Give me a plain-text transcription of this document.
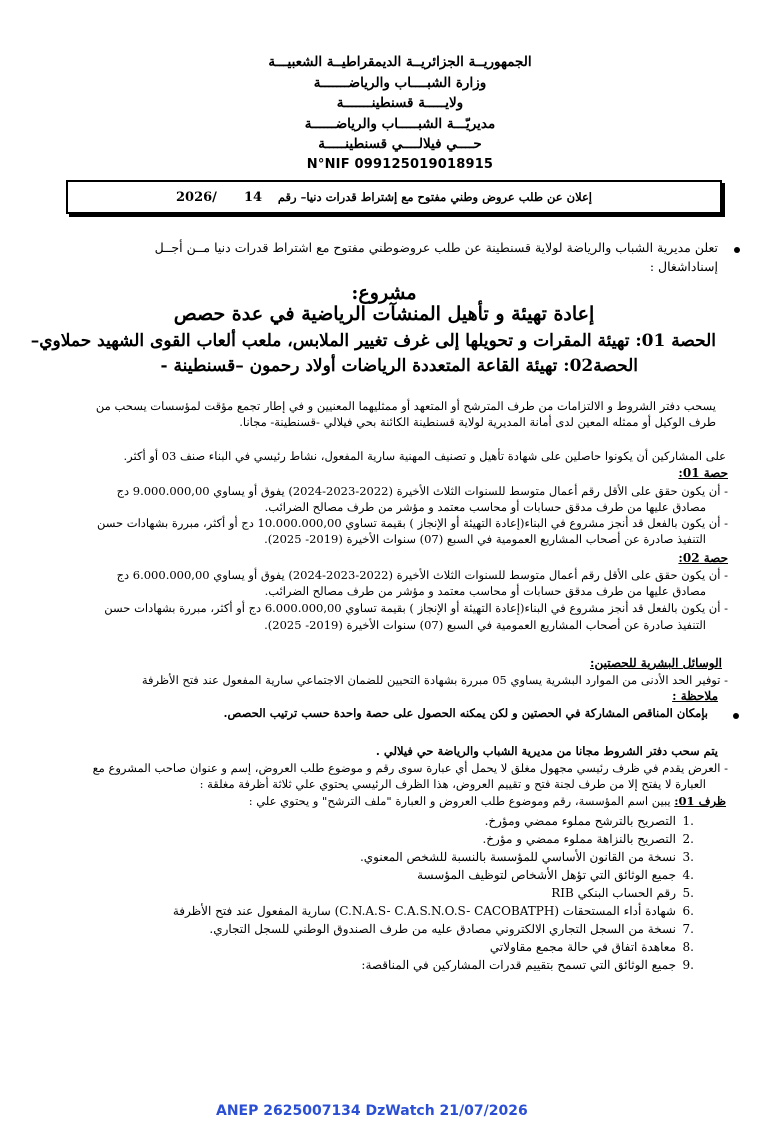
الجمهوريــة الجزائريــة الديمقراطيــة الشعبيـــة
وزارة الشبــــاب والرياضـــــــة
ولايـــــة قسنطينـــــــة
مديريّـــة الشبـــــاب والرياضــــــة
حــــي فيلالــــي قسنطينـــــة
N°NIF 09912501901891​5
إعلان عن طلب عروض وطني مفتوح مع إشتراط قدرات دنيا– رقم
14
2026/
تعلن مديرية الشباب والرياضة لولاية قسنطينة عن طلب عروضوطني مفتوح مع اشتراط قدرات دنيا مــن أجــل
إسناداشغال :
مشروع:
إعادة تهيئة و تأهيل المنشآت الرياضية في عدة حصص
الحصة 01: تهيئة المقرات و تحويلها إلى غرف تغيير الملابس، ملعب ألعاب القوى الشهيد حملاوي–
الحصة02: تهيئة القاعة المتعددة الرياضات أولاد رحمون –قسنطينة -
يسحب دفتر الشروط و الالتزامات من طرف المترشح أو المتعهد أو ممثليهما المعنيين و في إطار تجمع مؤقت لمؤسسات يسحب من
طرف الوكيل أو ممثله المعين لدى أمانة المديرية لولاية قسنطينة الكائنة بحي فيلالي -قسنطينة- مجانا.
على المشاركين أن يكونوا حاصلين على شهادة تأهيل و تصنيف المهنية سارية المفعول، نشاط رئيسي في البناء صنف 03 أو أكثر.
حصة 01:
- أن يكون حقق على الأقل رقم أعمال متوسط للسنوات الثلاث الأخيرة (2022-2023-2024) يفوق أو يساوي 9.000.000,00 دج
مصادق عليها من طرف مدقق حسابات أو محاسب معتمد و مؤشر من طرف مصالح الضرائب.
- أن يكون بالفعل قد أنجز مشروع في البناء(إعادة التهيئة أو الإنجاز ) بقيمة تساوي 10.000.000,00 دج أو أكثر، مبررة بشهادات حسن
التنفيذ صادرة عن أصحاب المشاريع العمومية في السبع (07) سنوات الأخيرة (2019- 2025).
حصة 02:
- أن يكون حقق على الأقل رقم أعمال متوسط للسنوات الثلاث الأخيرة (2022-2023-2024) يفوق أو يساوي 6.000.000,00 دج
مصادق عليها من طرف مدقق حسابات أو محاسب معتمد و مؤشر من طرف مصالح الضرائب.
- أن يكون بالفعل قد أنجز مشروع في البناء(إعادة التهيئة أو الإنجاز ) بقيمة تساوي 6.000.000,00 دج أو أكثر، مبررة بشهادات حسن
التنفيذ صادرة عن أصحاب المشاريع العمومية في السبع (07) سنوات الأخيرة (2019- 2025).
الوسائل البشرية للحصتين:
- توفير الحد الأدنى من الموارد البشرية يساوي 05 مبررة بشهادة التحيين للضمان الاجتماعي سارية المفعول عند فتح الأظرفة
ملاحظة :
بإمكان المناقص المشاركة في الحصتين و لكن يمكنه الحصول على حصة واحدة حسب ترتيب الحصص.
يتم سحب دفتر الشروط مجانا من مديرية الشباب والرياضة حي فيلالي .
- العرض يقدم في ظرف رئيسي مجهول مغلق لا يحمل أي عبارة سوى رقم و موضوع طلب العروض، إسم و عنوان صاحب المشروع مع
العبارة لا يفتح إلا من طرف لجنة فتح و تقييم العروض، هذا الظرف الرئيسي يحتوي علي ثلاثة أظرفة مغلقة :
ظرف 01: يبين اسم المؤسسة، رقم وموضوع طلب العروض و العبارة "ملف الترشح" و يحتوي علي :
.1التصريح بالترشح مملوء ممضي ومؤرخ.
.2التصريح بالنزاهة مملوء ممضي و مؤرخ.
.3نسخة من القانون الأساسي للمؤسسة بالنسبة للشخص المعنوي.
.4جميع الوثائق التي تؤهل الأشخاص لتوظيف المؤسسة
.5رقم الحساب البنكي RIB
.6شهادة أداء المستحقات (C.N.A.S- C.A.S.N.O.S- CACOBATPH) سارية المفعول عند فتح الأظرفة
.7نسخة من السجل التجاري الالكتروني مصادق عليه من طرف الصندوق الوطني للسجل التجاري.
.8معاهدة اتفاق في حالة مجمع مقاولاتي
.9جميع الوثائق التي تسمح بتقييم قدرات المشاركين في المناقصة:
ANEP 2625007134 DzWatch 21/07/2026
